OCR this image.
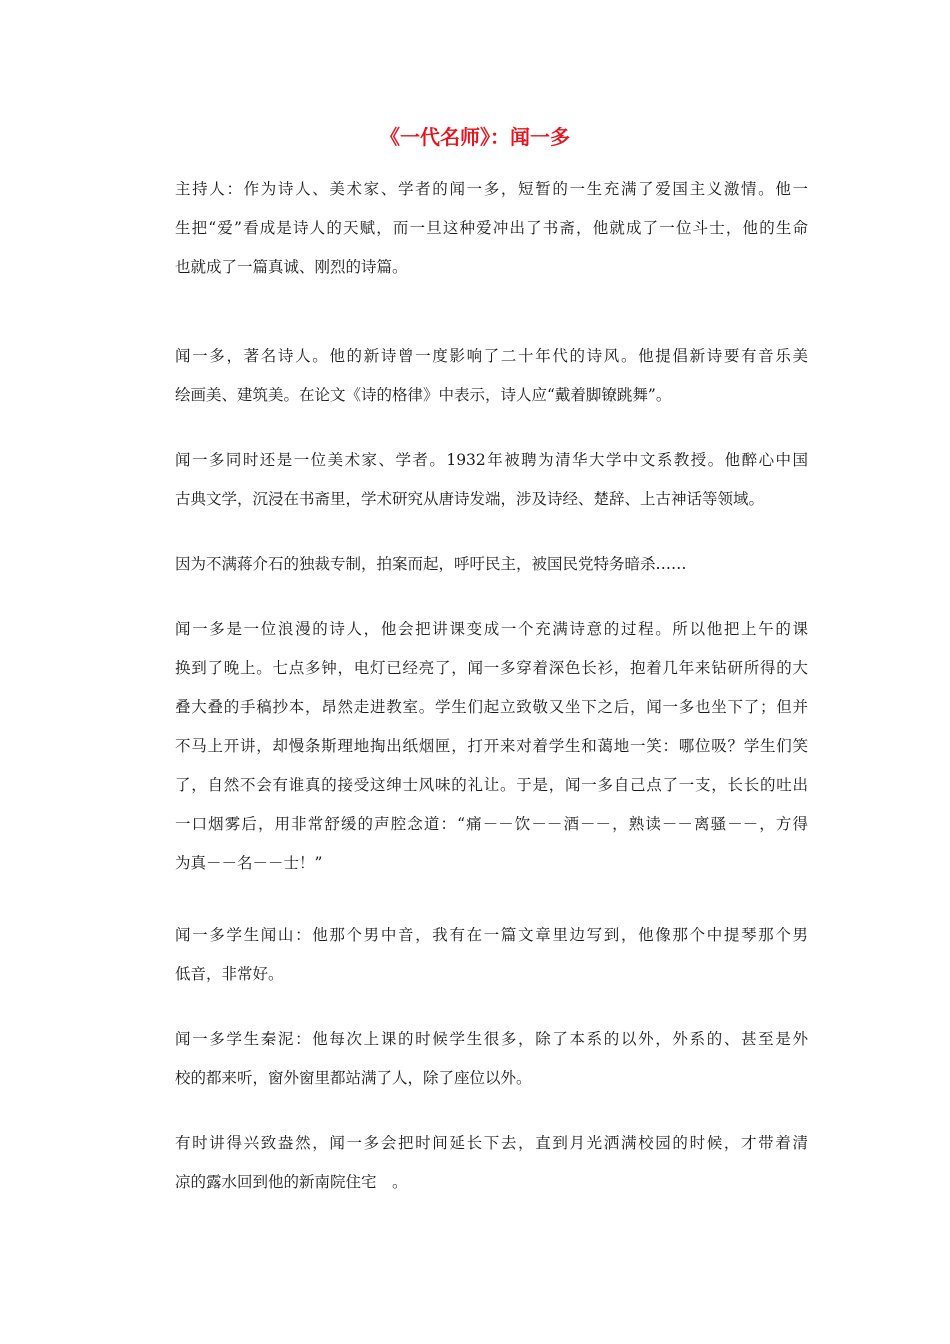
《一代名师》：闻一多
主持人：作为诗人、美术家、学者的闻一多，短暂的一生充满了爱国主义激情。他一
生把“爱”看成是诗人的天赋，而一旦这种爱冲出了书斋，他就成了一位斗士，他的生命
也就成了一篇真诚、刚烈的诗篇。
闻一多，著名诗人。他的新诗曾一度影响了二十年代的诗风。他提倡新诗要有音乐美
绘画美、建筑美。在论文《诗的格律》中表示，诗人应“戴着脚镣跳舞”。
闻一多同时还是一位美术家、学者。1932年被聘为清华大学中文系教授。他醉心中国
古典文学，沉浸在书斋里，学术研究从唐诗发端，涉及诗经、楚辞、上古神话等领域。
因为不满蒋介石的独裁专制，拍案而起，呼吁民主，被国民党特务暗杀……
闻一多是一位浪漫的诗人，他会把讲课变成一个充满诗意的过程。所以他把上午的课
换到了晚上。七点多钟，电灯已经亮了，闻一多穿着深色长衫，抱着几年来钻研所得的大
叠大叠的手稿抄本，昂然走进教室。学生们起立致敬又坐下之后，闻一多也坐下了；但并
不马上开讲，却慢条斯理地掏出纸烟匣，打开来对着学生和蔼地一笑：哪位吸？学生们笑
了，自然不会有谁真的接受这绅士风味的礼让。于是，闻一多自己点了一支，长长的吐出
一口烟雾后，用非常舒缓的声腔念道：“痛－－饮－－酒－－，熟读－－离骚－－，方得
为真－－名－－士！”
闻一多学生闻山：他那个男中音，我有在一篇文章里边写到，他像那个中提琴那个男
低音，非常好。
闻一多学生秦泥：他每次上课的时候学生很多，除了本系的以外，外系的、甚至是外
校的都来听，窗外窗里都站满了人，除了座位以外。
有时讲得兴致盎然，闻一多会把时间延长下去，直到月光洒满校园的时候，才带着清
凉的露水回到他的新南院住宅　。
